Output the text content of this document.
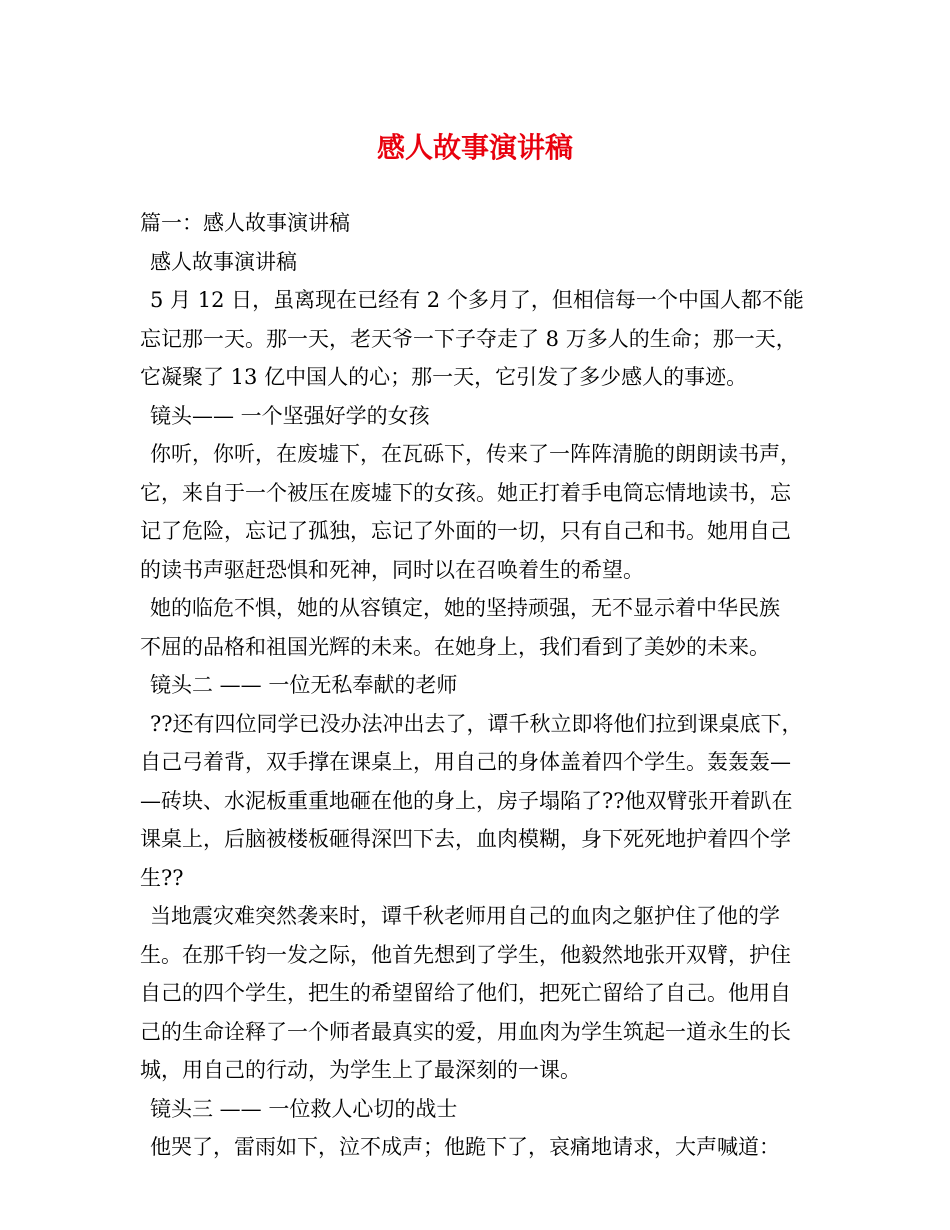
感人故事演讲稿
篇一：感人故事演讲稿
感人故事演讲稿
5 月 12 日，虽离现在已经有 2 个多月了，但相信每一个中国人都不能
忘记那一天。那一天，老天爷一下子夺走了 8 万多人的生命；那一天，
它凝聚了 13 亿中国人的心；那一天，它引发了多少感人的事迹。
镜头—— 一个坚强好学的女孩
你听，你听，在废墟下，在瓦砾下，传来了一阵阵清脆的朗朗读书声，
它，来自于一个被压在废墟下的女孩。她正打着手电筒忘情地读书，忘
记了危险，忘记了孤独，忘记了外面的一切，只有自己和书。她用自己
的读书声驱赶恐惧和死神，同时以在召唤着生的希望。
她的临危不惧，她的从容镇定，她的坚持顽强，无不显示着中华民族
不屈的品格和祖国光辉的未来。在她身上，我们看到了美妙的未来。
镜头二 —— 一位无私奉献的老师
??还有四位同学已没办法冲出去了，谭千秋立即将他们拉到课桌底下，
自己弓着背，双手撑在课桌上，用自己的身体盖着四个学生。轰轰轰—
—砖块、水泥板重重地砸在他的身上，房子塌陷了??他双臂张开着趴在
课桌上，后脑被楼板砸得深凹下去，血肉模糊，身下死死地护着四个学
生??
当地震灾难突然袭来时，谭千秋老师用自己的血肉之躯护住了他的学
生。在那千钧一发之际，他首先想到了学生，他毅然地张开双臂，护住
自己的四个学生，把生的希望留给了他们，把死亡留给了自己。他用自
己的生命诠释了一个师者最真实的爱，用血肉为学生筑起一道永生的长
城，用自己的行动，为学生上了最深刻的一课。
镜头三 —— 一位救人心切的战士
他哭了，雷雨如下，泣不成声；他跪下了，哀痛地请求，大声喊道：
